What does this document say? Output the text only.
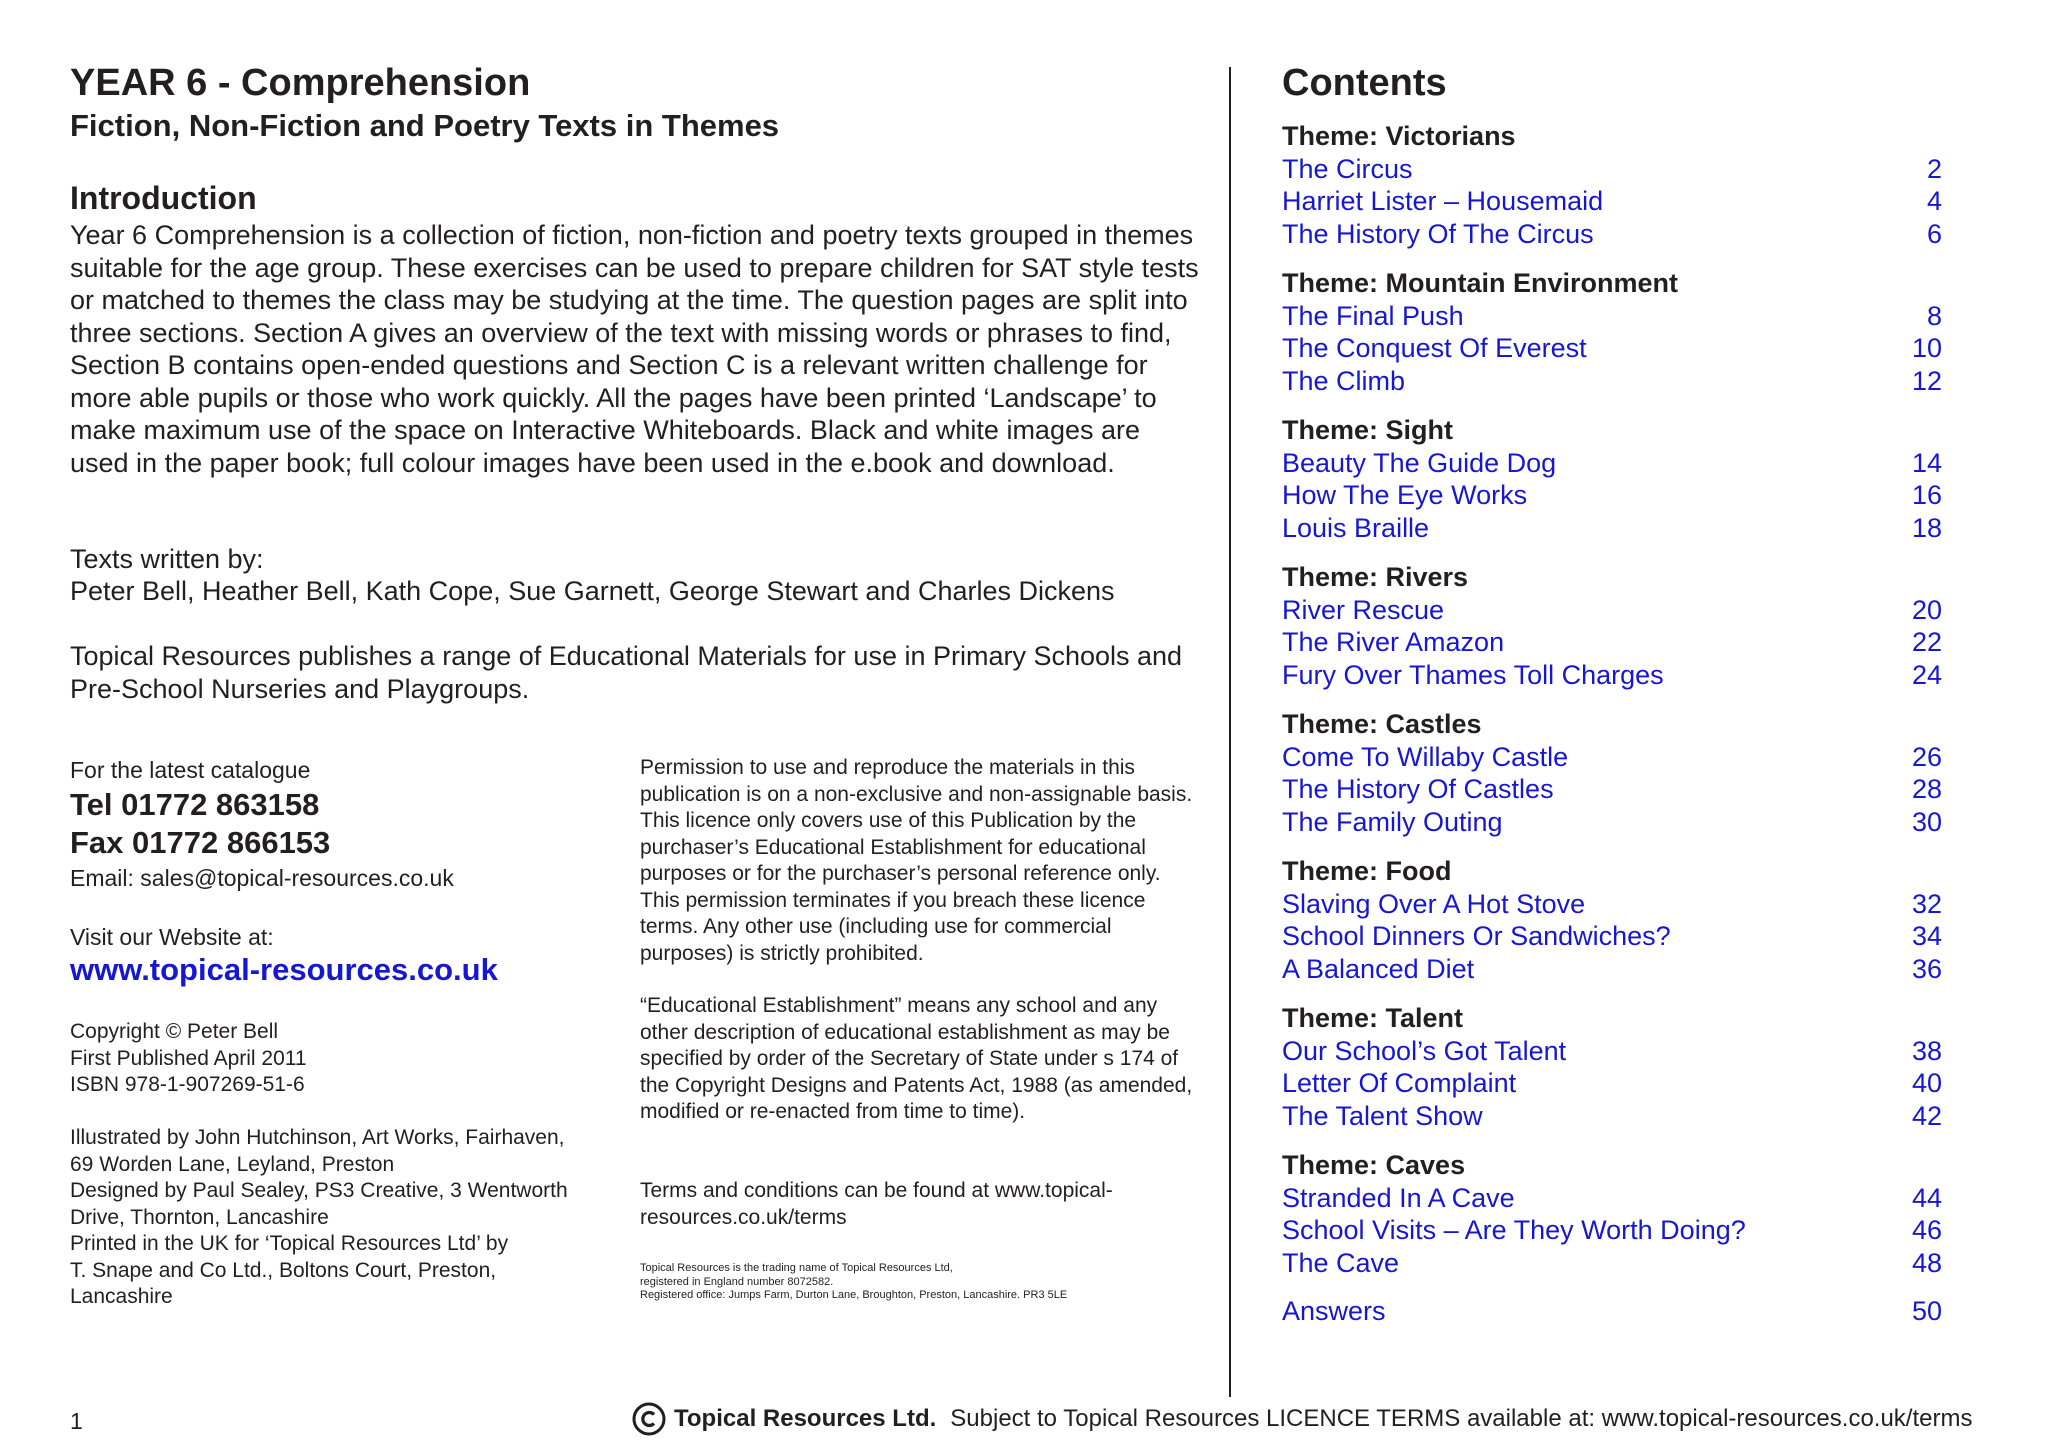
YEAR 6 - Comprehension
Fiction, Non-Fiction and Poetry Texts in Themes
Introduction

Year 6 Comprehension is a collection of fiction, non-fiction and poetry texts grouped in themes suitable for the age group. These exercises can be used to prepare children for SAT style tests or matched to themes the class may be studying at the time. The question pages are split into three sections. Section A gives an overview of the text with missing words or phrases to find, Section B contains open-ended questions and Section C is a relevant written challenge for more able pupils or those who work quickly. All the pages have been printed ‘Landscape’ to make maximum use of the space on Interactive Whiteboards. Black and white images are used in the paper book; full colour images have been used in the e.book and download.

Texts written by:

Peter Bell, Heather Bell, Kath Cope, Sue Garnett, George Stewart and Charles Dickens

Topical Resources publishes a range of Educational Materials for use in Primary Schools and Pre-School Nurseries and Playgroups.

For the latest catalogue

Tel 01772 863158

Fax 01772 866153

Email: sales@topical-resources.co.uk

Visit our Website at:

www.topical-resources.co.uk

Copyright © Peter Bell

First Published April 2011

ISBN 978-1-907269-51-6

Illustrated by John Hutchinson, Art Works, Fairhaven,

69 Worden Lane, Leyland, Preston

Designed by Paul Sealey, PS3 Creative, 3 Wentworth

Drive, Thornton, Lancashire

Printed in the UK for ‘Topical Resources Ltd’ by

T. Snape and Co Ltd., Boltons Court, Preston,

Lancashire

Permission to use and reproduce the materials in this publication is on a non-exclusive and non-assignable basis. This licence only covers use of this Publication by the purchaser’s Educational Establishment for educational purposes or for the purchaser’s personal reference only. This permission terminates if you breach these licence terms. Any other use (including use for commercial purposes) is strictly prohibited.

“Educational Establishment” means any school and any other description of educational establishment as may be specified by order of the Secretary of State under s 174 of the Copyright Designs and Patents Act, 1988 (as amended, modified or re-enacted from time to time).

Terms and conditions can be found at www.topical-resources.co.uk/terms

Topical Resources is the trading name of Topical Resources Ltd,

registered in England number 8072582.

Registered office: Jumps Farm, Durton Lane, Broughton, Preston, Lancashire. PR3 5LE

Contents

Theme: Victorians

The Circus	2
Harriet Lister – Housemaid	4
The History Of The Circus	6

Theme: Mountain Environment

The Final Push	8
The Conquest Of Everest	10
The Climb	12

Theme: Sight

Beauty The Guide Dog	14
How The Eye Works	16
Louis Braille	18

Theme: Rivers

River Rescue	20
The River Amazon	22
Fury Over Thames Toll Charges	24

Theme: Castles

Come To Willaby Castle	26
The History Of Castles	28
The Family Outing	30

Theme: Food

Slaving Over A Hot Stove	32
School Dinners Or Sandwiches?	34
A Balanced Diet	36

Theme: Talent

Our School’s Got Talent	38
Letter Of Complaint	40
The Talent Show	42

Theme: Caves

Stranded In A Cave	44
School Visits – Are They Worth Doing?	46
The Cave	48
Answers	50

1	Topical Resources Ltd. Subject to Topical Resources LICENCE TERMS available at: www.topical-resources.co.uk/terms
